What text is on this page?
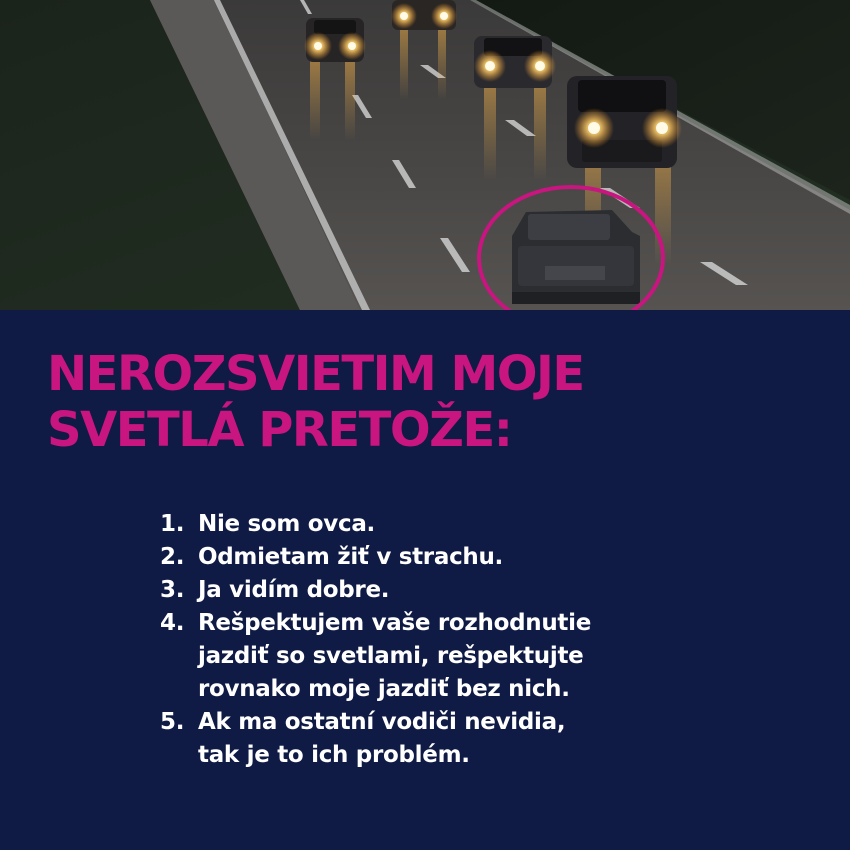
NEROZSVIETIM MOJE
SVETLÁ PRETOŽE:
1. Nie som ovca.
2. Odmietam žiť v strachu.
3. Ja vidím dobre.
4. Rešpektujem vaše rozhodnutie
jazdiť so svetlami, rešpektujte
rovnako moje jazdiť bez nich.
5. Ak ma ostatní vodiči nevidia,
tak je to ich problém.
